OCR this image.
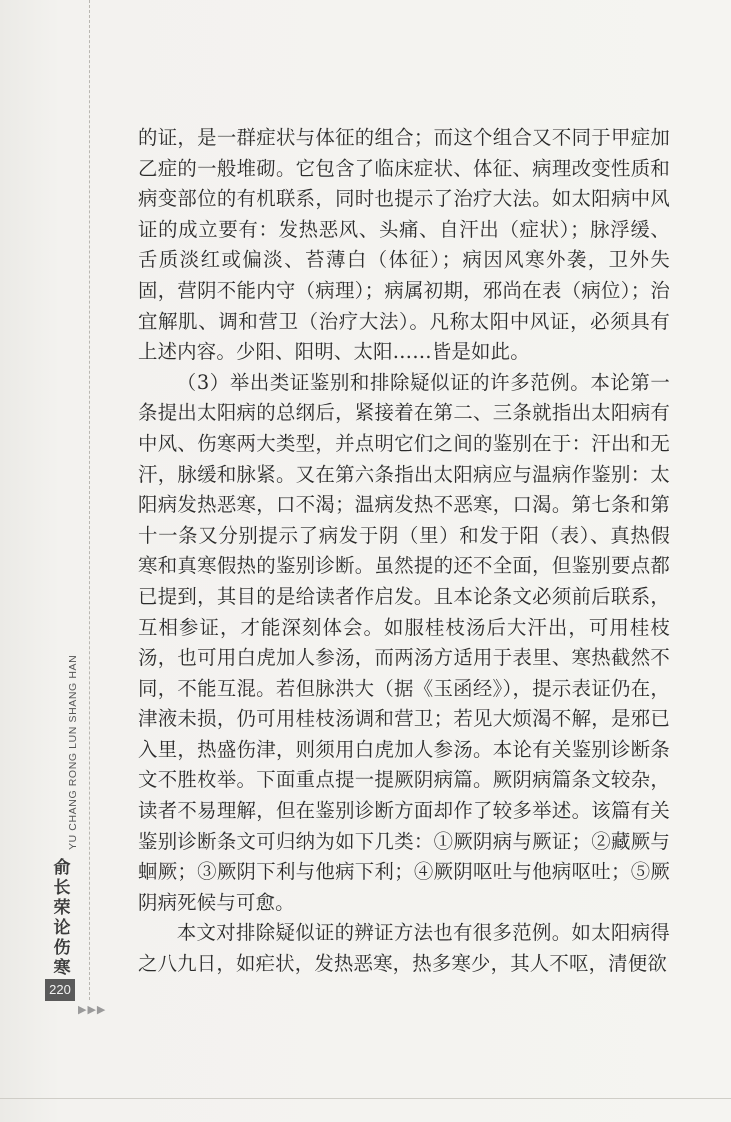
的证，是一群症状与体征的组合；而这个组合又不同于甲症加乙症的一般堆砌。它包含了临床症状、体征、病理改变性质和病变部位的有机联系，同时也提示了治疗大法。如太阳病中风证的成立要有：发热恶风、头痛、自汗出（症状）；脉浮缓、舌质淡红或偏淡、苔薄白（体征）；病因风寒外袭，卫外失固，营阴不能内守（病理）；病属初期，邪尚在表（病位）；治宜解肌、调和营卫（治疗大法）。凡称太阳中风证，必须具有上述内容。少阳、阳明、太阳……皆是如此。

（3）举出类证鉴别和排除疑似证的许多范例。本论第一条提出太阳病的总纲后，紧接着在第二、三条就指出太阳病有中风、伤寒两大类型，并点明它们之间的鉴别在于：汗出和无汗，脉缓和脉紧。又在第六条指出太阳病应与温病作鉴别：太阳病发热恶寒，口不渴；温病发热不恶寒，口渴。第七条和第十一条又分别提示了病发于阴（里）和发于阳（表）、真热假寒和真寒假热的鉴别诊断。虽然提的还不全面，但鉴别要点都已提到，其目的是给读者作启发。且本论条文必须前后联系，互相参证，才能深刻体会。如服桂枝汤后大汗出，可用桂枝汤，也可用白虎加人参汤，而两汤方适用于表里、寒热截然不同，不能互混。若但脉洪大（据《玉函经》），提示表证仍在，津液未损，仍可用桂枝汤调和营卫；若见大烦渴不解，是邪已入里，热盛伤津，则须用白虎加人参汤。本论有关鉴别诊断条文不胜枚举。下面重点提一提厥阴病篇。厥阴病篇条文较杂，读者不易理解，但在鉴别诊断方面却作了较多举述。该篇有关鉴别诊断条文可归纳为如下几类：①厥阴病与厥证；②藏厥与蛔厥；③厥阴下利与他病下利；④厥阴呕吐与他病呕吐；⑤厥阴病死候与可愈。

本文对排除疑似证的辨证方法也有很多范例。如太阳病得之八九日，如疟状，发热恶寒，热多寒少，其人不呕，清便欲

YU CHANG RONG LUN SHANG HAN
俞
长
荣
论
伤
寒
220
▶▶▶
